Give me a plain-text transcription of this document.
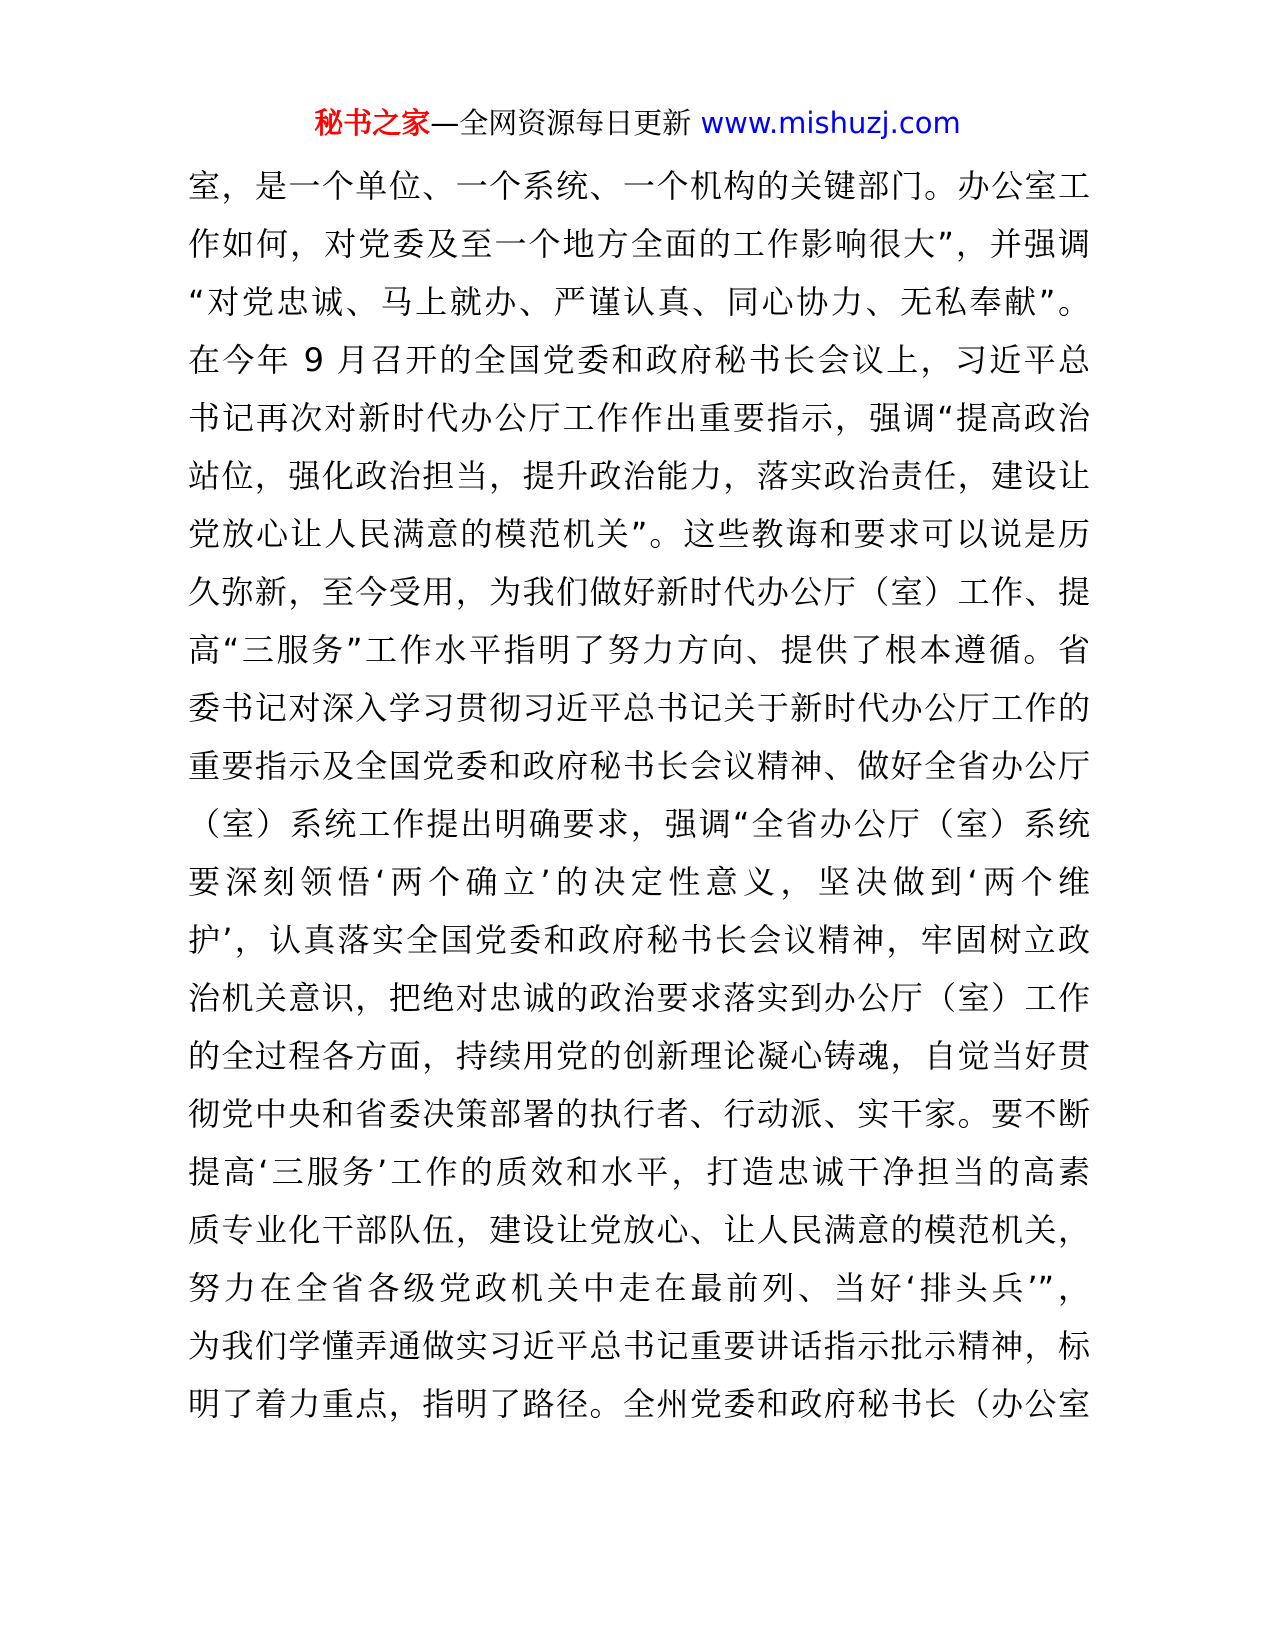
秘书之家—全网资源每日更新 www.mishuzj.com
室，是一个单位、一个系统、一个机构的关键部门。办公室工
作如何，对党委及至一个地方全面的工作影响很大”，并强调
“对党忠诚、马上就办、严谨认真、同心协力、无私奉献”。
在今年 9 月召开的全国党委和政府秘书长会议上，习近平总
书记再次对新时代办公厅工作作出重要指示，强调“提高政治
站位，强化政治担当，提升政治能力，落实政治责任，建设让
党放心让人民满意的模范机关”。这些教诲和要求可以说是历
久弥新，至今受用，为我们做好新时代办公厅（室）工作、提
高“三服务”工作水平指明了努力方向、提供了根本遵循。省
委书记对深入学习贯彻习近平总书记关于新时代办公厅工作的
重要指示及全国党委和政府秘书长会议精神、做好全省办公厅
（室）系统工作提出明确要求，强调“全省办公厅（室）系统
要深刻领悟‘两个确立’的决定性意义，坚决做到‘两个维
护’，认真落实全国党委和政府秘书长会议精神，牢固树立政
治机关意识，把绝对忠诚的政治要求落实到办公厅（室）工作
的全过程各方面，持续用党的创新理论凝心铸魂，自觉当好贯
彻党中央和省委决策部署的执行者、行动派、实干家。要不断
提高‘三服务’工作的质效和水平，打造忠诚干净担当的高素
质专业化干部队伍，建设让党放心、让人民满意的模范机关，
努力在全省各级党政机关中走在最前列、当好‘排头兵’”，
为我们学懂弄通做实习近平总书记重要讲话指示批示精神，标
明了着力重点，指明了路径。全州党委和政府秘书长（办公室
